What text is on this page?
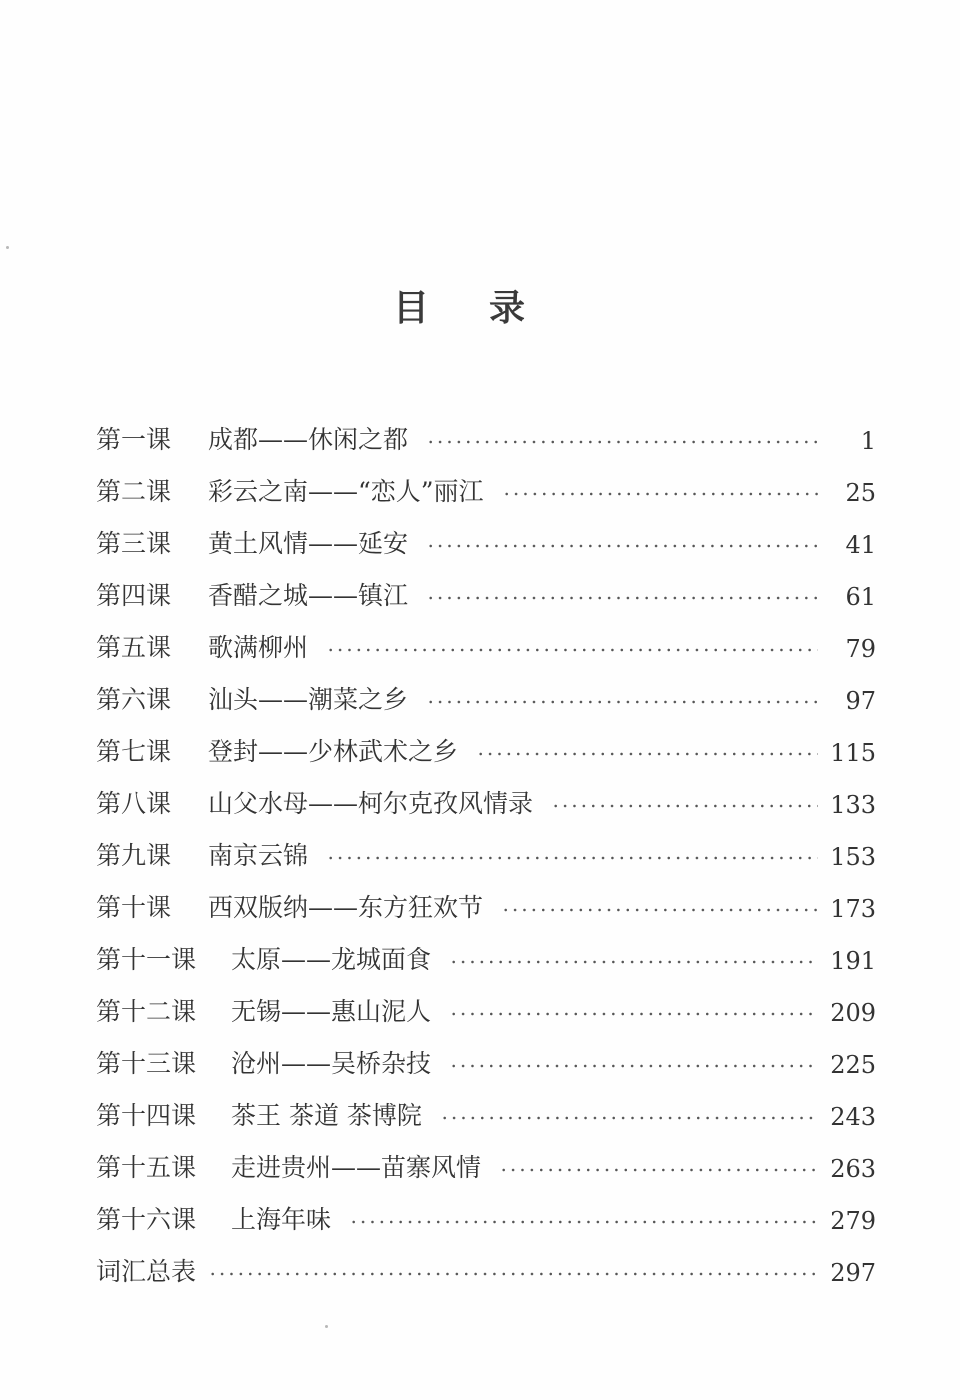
目 录
第一课	成都——休闲之都	1
第二课	彩云之南——“恋人”丽江	25
第三课	黄土风情——延安	41
第四课	香醋之城——镇江	61
第五课	歌满柳州	79
第六课	汕头——潮菜之乡	97
第七课	登封——少林武术之乡	115
第八课	山父水母——柯尔克孜风情录	133
第九课	南京云锦	153
第十课	西双版纳——东方狂欢节	173
第十一课	太原——龙城面食	191
第十二课	无锡——惠山泥人	209
第十三课	沧州——吴桥杂技	225
第十四课	茶王 茶道 茶博院	243
第十五课	走进贵州——苗寨风情	263
第十六课	上海年味	279
词汇总表	297
